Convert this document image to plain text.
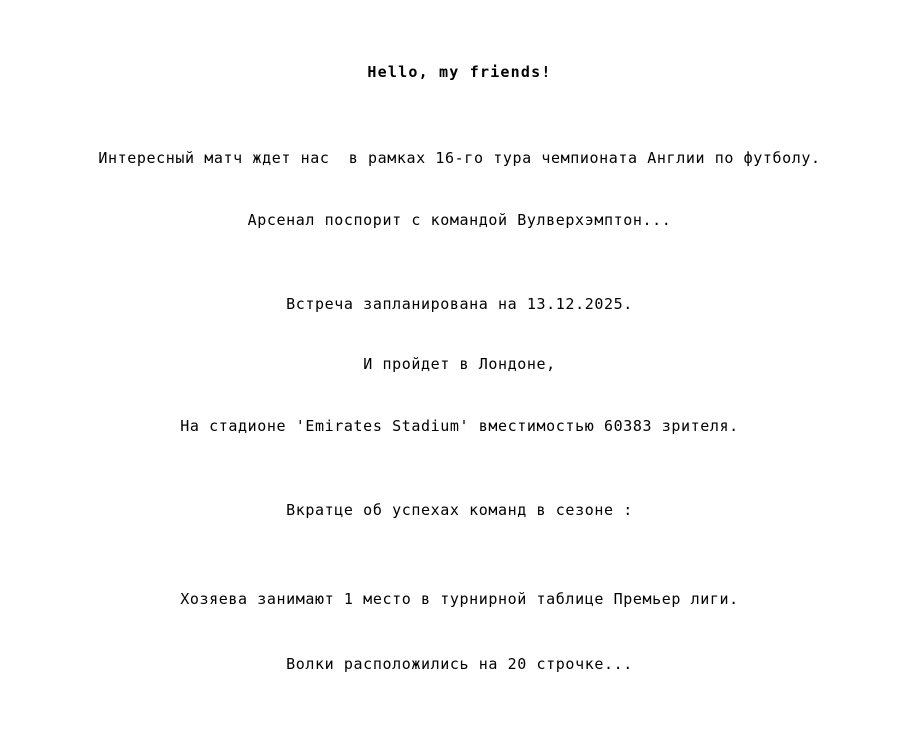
Hello, my friends!
Интересный матч ждет нас  в рамках 16-го тура чемпионата Англии по футболу.
Арсенал поспорит с командой Вулверхэмптон...
Встреча запланирована на 13.12.2025.
И пройдет в Лондоне,
На стадионе 'Emirates Stadium' вместимостью 60383 зрителя.
Вкратце об успехах команд в сезоне :
Хозяева занимают 1 место в турнирной таблице Премьер лиги.
Волки расположились на 20 строчке...
